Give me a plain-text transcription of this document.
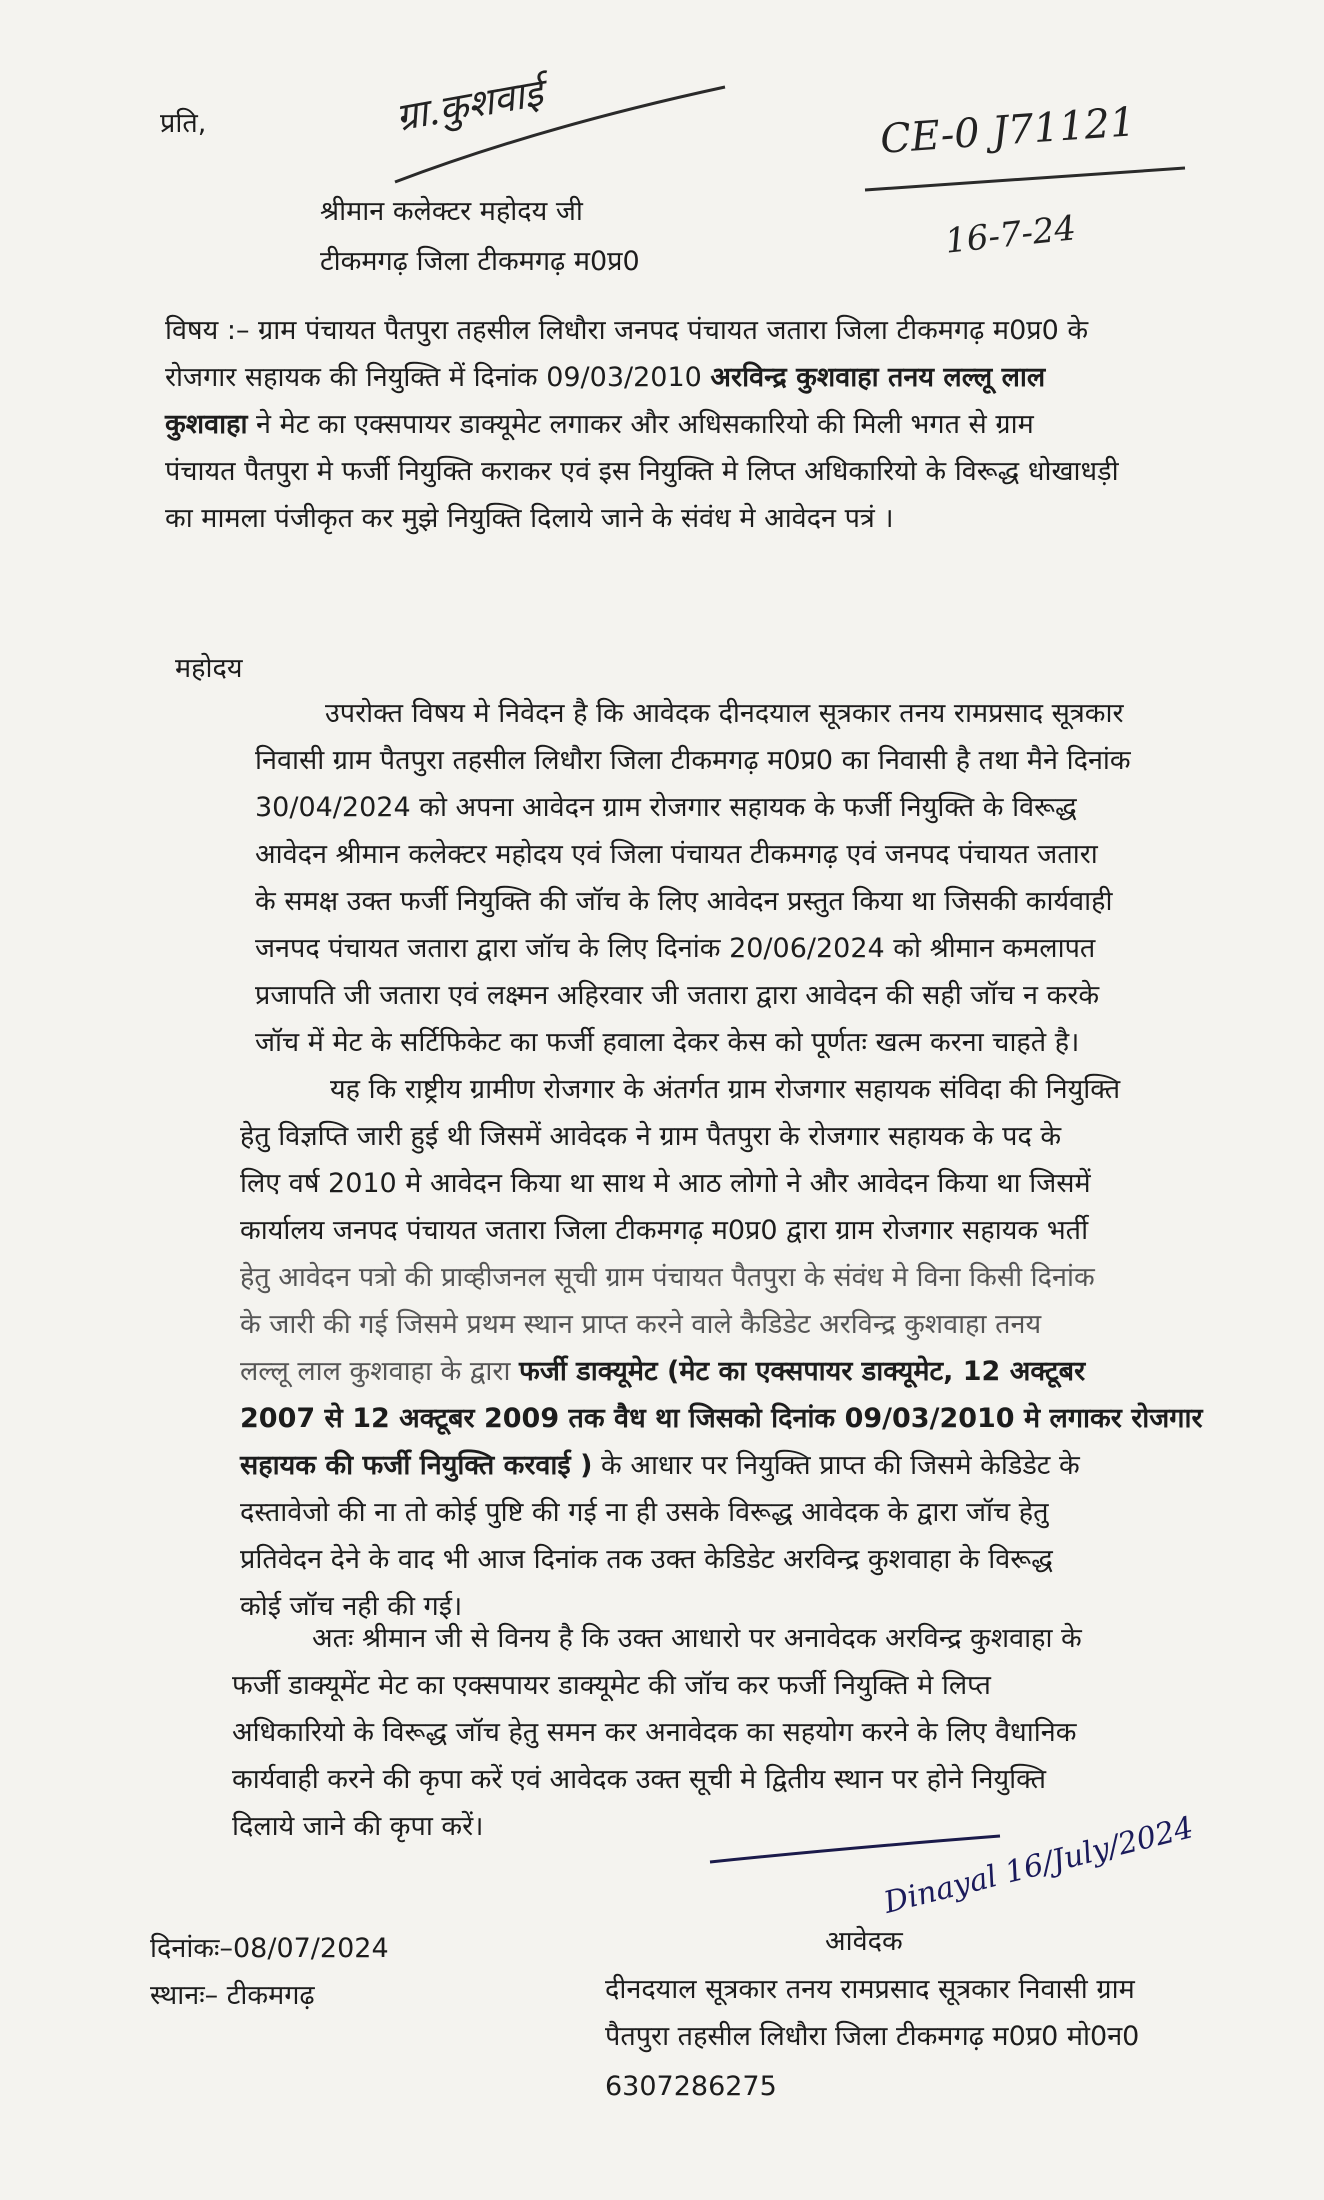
प्रति,	ग्रा.कुशवाई	CE-0 J71121
16-7-24
श्रीमान कलेक्टर महोदय जी
टीकमगढ़ जिला टीकमगढ़ म0प्र0

विषय :– ग्राम पंचायत पैतपुरा तहसील लिधौरा जनपद पंचायत जतारा जिला टीकमगढ़ म0प्र0 के

रोजगार सहायक की नियुक्ति में दिनांक 09/03/2010 अरविन्द्र कुशवाहा तनय लल्लू लाल

कुशवाहा ने मेट का एक्सपायर डाक्यूमेट लगाकर और अधिसकारियो की मिली भगत से ग्राम

पंचायत पैतपुरा मे फर्जी नियुक्ति कराकर एवं इस नियुक्ति मे लिप्त अधिकारियो के विरूद्ध धोखाधड़ी

का मामला पंजीकृत कर मुझे नियुक्ति दिलाये जाने के संवंध मे आवेदन पत्रं ।

महोदय

उपरोक्त विषय मे निवेदन है कि आवेदक दीनदयाल सूत्रकार तनय रामप्रसाद सूत्रकार

निवासी ग्राम पैतपुरा तहसील लिधौरा जिला टीकमगढ़ म0प्र0 का निवासी है तथा मैने दिनांक

30/04/2024 को अपना आवेदन ग्राम रोजगार सहायक के फर्जी नियुक्ति के विरूद्ध

आवेदन श्रीमान कलेक्टर महोदय एवं जिला पंचायत टीकमगढ़ एवं जनपद पंचायत जतारा

के समक्ष उक्त फर्जी नियुक्ति की जॉच के लिए आवेदन प्रस्तुत किया था जिसकी कार्यवाही

जनपद पंचायत जतारा द्वारा जॉच के लिए दिनांक 20/06/2024 को श्रीमान कमलापत

प्रजापति जी जतारा एवं लक्ष्मन अहिरवार जी जतारा द्वारा आवेदन की सही जॉच न करके

जॉच में मेट के सर्टिफिकेट का फर्जी हवाला देकर केस को पूर्णतः खत्म करना चाहते है।

यह कि राष्ट्रीय ग्रामीण रोजगार के अंतर्गत ग्राम रोजगार सहायक संविदा की नियुक्ति

हेतु विज्ञप्ति जारी हुई थी जिसमें आवेदक ने ग्राम पैतपुरा के रोजगार सहायक के पद के

लिए वर्ष 2010 मे आवेदन किया था साथ मे आठ लोगो ने और आवेदन किया था जिसमें

कार्यालय जनपद पंचायत जतारा जिला टीकमगढ़ म0प्र0 द्वारा ग्राम रोजगार सहायक भर्ती

हेतु आवेदन पत्रो की प्राव्हीजनल सूची ग्राम पंचायत पैतपुरा के संवंध मे विना किसी दिनांक

के जारी की गई जिसमे प्रथम स्थान प्राप्त करने वाले कैडिडेट अरविन्द्र कुशवाहा तनय

लल्लू लाल कुशवाहा के द्वारा फर्जी डाक्यूमेट (मेट का एक्सपायर डाक्यूमेट, 12 अक्टूबर

2007 से 12 अक्टूबर 2009 तक वैध था जिसको दिनांक 09/03/2010 मे लगाकर रोजगार

सहायक की फर्जी नियुक्ति करवाई ) के आधार पर नियुक्ति प्राप्त की जिसमे केडिडेट के

दस्तावेजो की ना तो कोई पुष्टि की गई ना ही उसके विरूद्ध आवेदक के द्वारा जॉच हेतु

प्रतिवेदन देने के वाद भी आज दिनांक तक उक्त केडिडेट अरविन्द्र कुशवाहा के विरूद्ध

कोई जॉच नही की गई।

अतः श्रीमान जी से विनय है कि उक्त आधारो पर अनावेदक अरविन्द्र कुशवाहा के

फर्जी डाक्यूमेंट मेट का एक्सपायर डाक्यूमेट की जॉच कर फर्जी नियुक्ति मे लिप्त

अधिकारियो के विरूद्ध जॉच हेतु समन कर अनावेदक का सहयोग करने के लिए वैधानिक

कार्यवाही करने की कृपा करें एवं आवेदक उक्त सूची मे द्वितीय स्थान पर होने नियुक्ति

दिलाये जाने की कृपा करें।	Dinayal 16/July/2024
दिनांकः–08/07/2024
स्थानः– टीकमगढ़
आवेदक
दीनदयाल सूत्रकार तनय रामप्रसाद सूत्रकार निवासी ग्राम
पैतपुरा तहसील लिधौरा जिला टीकमगढ़ म0प्र0 मो0न0
6307286275
